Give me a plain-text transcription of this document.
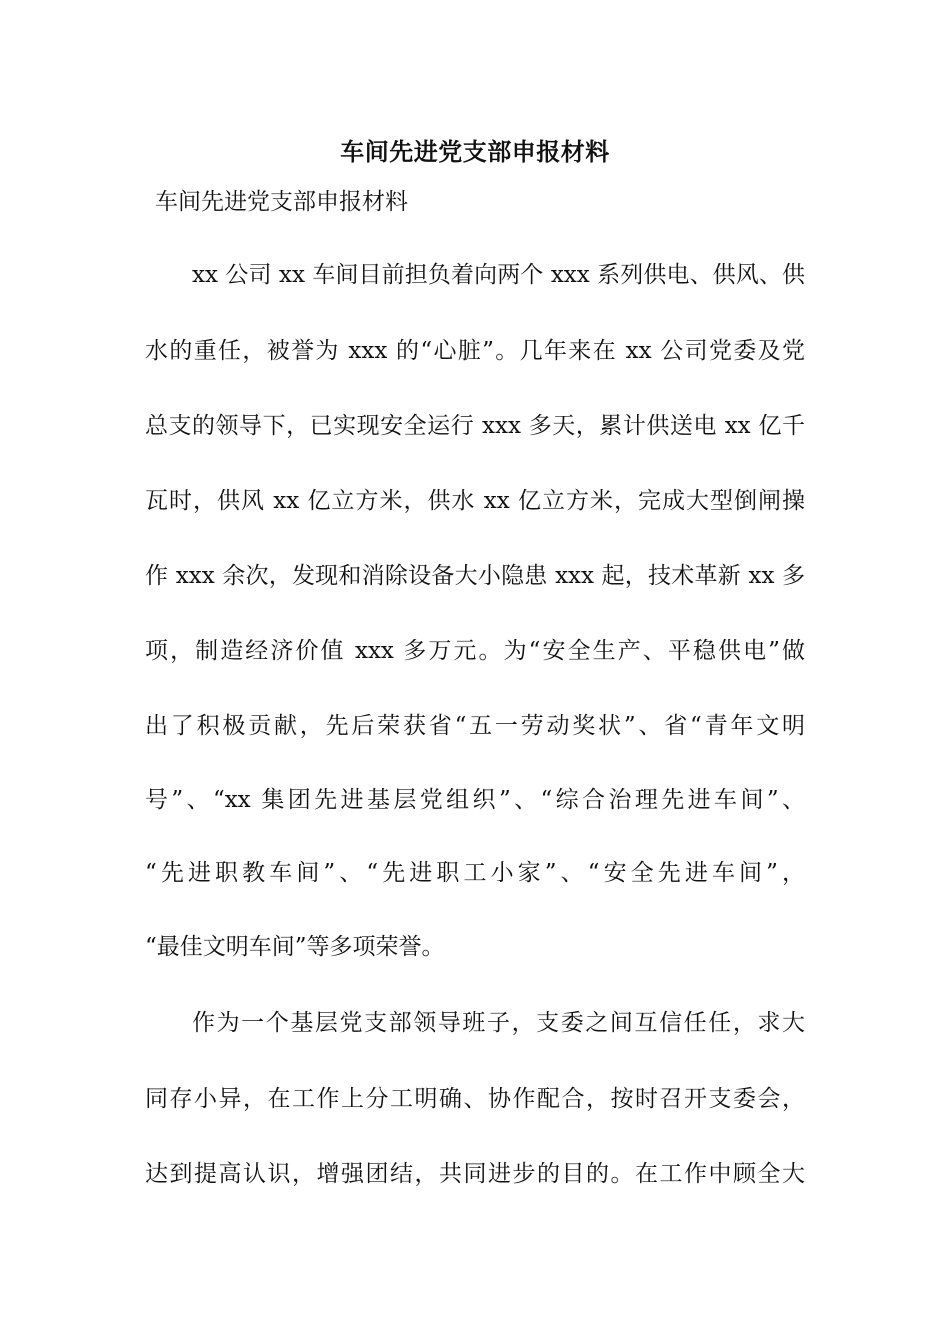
车间先进党支部申报材料
车间先进党支部申报材料
xx 公司 xx 车间目前担负着向两个 xxx 系列供电、供风、供
水的重任，被誉为 xxx 的“心脏”。几年来在 xx 公司党委及党
总支的领导下，已实现安全运行 xxx 多天，累计供送电 xx 亿千
瓦时，供风 xx 亿立方米，供水 xx 亿立方米，完成大型倒闸操
作 xxx 余次，发现和消除设备大小隐患 xxx 起，技术革新 xx 多
项，制造经济价值 xxx 多万元。为“安全生产、平稳供电”做
出了积极贡献，先后荣获省“五一劳动奖状”、省“青年文明
号”、“xx 集团先进基层党组织”、“综合治理先进车间”、
“先进职教车间”、“先进职工小家”、“安全先进车间”，
“最佳文明车间”等多项荣誉。
作为一个基层党支部领导班子，支委之间互信任任，求大
同存小异，在工作上分工明确、协作配合，按时召开支委会，
达到提高认识，增强团结，共同进步的目的。在工作中顾全大
